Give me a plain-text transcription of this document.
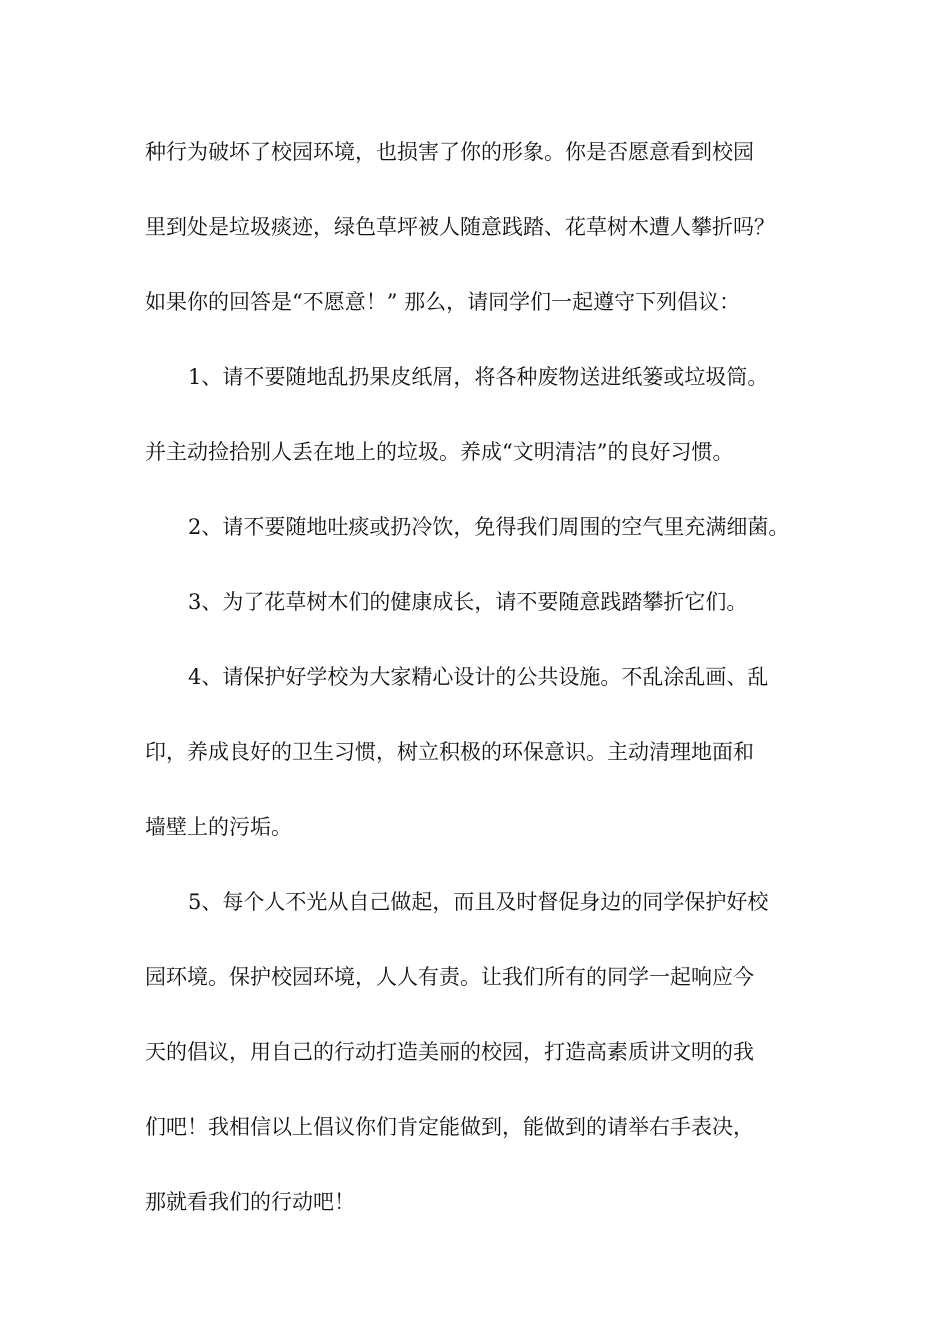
种行为破坏了校园环境，也损害了你的形象。你是否愿意看到校园

里到处是垃圾痰迹，绿色草坪被人随意践踏、花草树木遭人攀折吗？

如果你的回答是“不愿意！” 那么，请同学们一起遵守下列倡议：

1、请不要随地乱扔果皮纸屑，将各种废物送进纸篓或垃圾筒。

并主动捡拾别人丢在地上的垃圾。养成“文明清洁”的良好习惯。

2、请不要随地吐痰或扔冷饮，免得我们周围的空气里充满细菌。

3、为了花草树木们的健康成长，请不要随意践踏攀折它们。

4、请保护好学校为大家精心设计的公共设施。不乱涂乱画、乱

印，养成良好的卫生习惯，树立积极的环保意识。主动清理地面和

墙壁上的污垢。

5、每个人不光从自己做起，而且及时督促身边的同学保护好校

园环境。保护校园环境，人人有责。让我们所有的同学一起响应今

天的倡议，用自己的行动打造美丽的校园，打造高素质讲文明的我

们吧！我相信以上倡议你们肯定能做到，能做到的请举右手表决，

那就看我们的行动吧！
